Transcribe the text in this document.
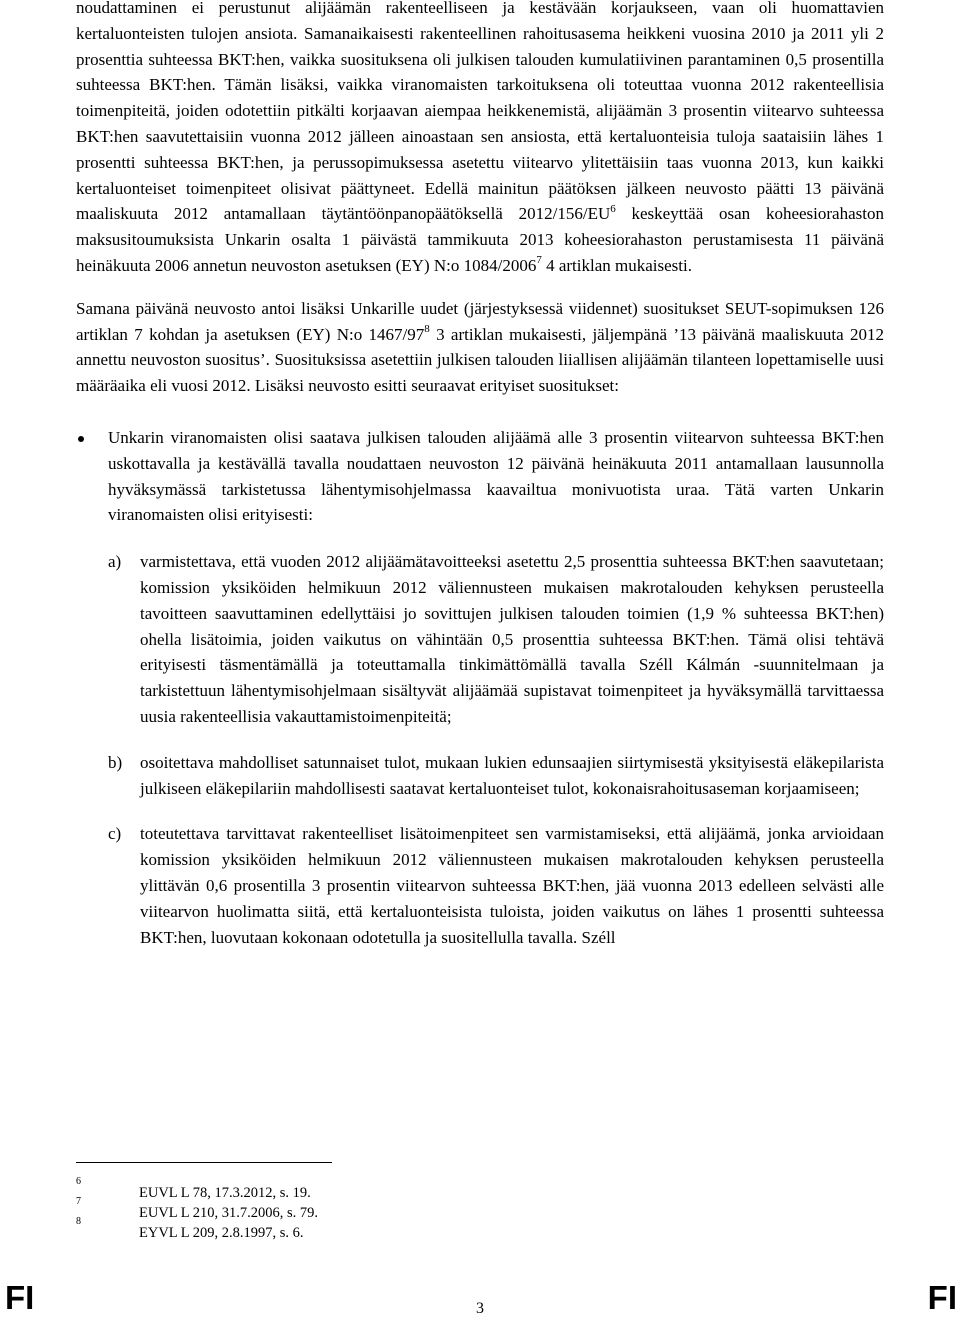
noudattaminen ei perustunut alijäämän rakenteelliseen ja kestävään korjaukseen, vaan oli huomattavien kertaluonteisten tulojen ansiota. Samanaikaisesti rakenteellinen rahoitusasema heikkeni vuosina 2010 ja 2011 yli 2 prosenttia suhteessa BKT:hen, vaikka suosituksena oli julkisen talouden kumulatiivinen parantaminen 0,5 prosentilla suhteessa BKT:hen. Tämän lisäksi, vaikka viranomaisten tarkoituksena oli toteuttaa vuonna 2012 rakenteellisia toimenpiteitä, joiden odotettiin pitkälti korjaavan aiempaa heikkenemistä, alijäämän 3 prosentin viitearvo suhteessa BKT:hen saavutettaisiin vuonna 2012 jälleen ainoastaan sen ansiosta, että kertaluonteisia tuloja saataisiin lähes 1 prosentti suhteessa BKT:hen, ja perussopimuksessa asetettu viitearvo ylitettäisiin taas vuonna 2013, kun kaikki kertaluonteiset toimenpiteet olisivat päättyneet. Edellä mainitun päätöksen jälkeen neuvosto päätti 13 päivänä maaliskuuta 2012 antamallaan täytäntöönpanopäätöksellä $2012/156/EU^6$ keskeyttää osan koheesiorahaston maksusitoumuksista Unkarin osalta 1 päivästä tammikuuta 2013 koheesiorahaston perustamisesta 11 päivänä heinäkuuta 2006 annetun neuvoston asetuksen (EY) N:o 1084/2006$^7$ 4 artiklan mukaisesti.

Samana päivänä neuvosto antoi lisäksi Unkarille uudet (järjestyksessä viidennet) suositukset SEUT-sopimuksen 126 artiklan 7 kohdan ja asetuksen (EY) N:o $1467/97^8$ 3 artiklan mukaisesti, jäljempänä ’13 päivänä maaliskuuta 2012 annettu neuvoston suositus’. Suosituksissa asetettiin julkisen talouden liiallisen alijäämän tilanteen lopettamiselle uusi määräaika eli vuosi 2012. Lisäksi neuvosto esitti seuraavat erityiset suositukset:

Unkarin viranomaisten olisi saatava julkisen talouden alijäämä alle 3 prosentin viitearvon suhteessa BKT:hen uskottavalla ja kestävällä tavalla noudattaen neuvoston 12 päivänä heinäkuuta 2011 antamallaan lausunnolla hyväksymässä tarkistetussa lähentymisohjelmassa kaavailtua monivuotista uraa. Tätä varten Unkarin viranomaisten olisi erityisesti:

a) varmistettava, että vuoden 2012 alijäämätavoitteeksi asetettu 2,5 prosenttia suhteessa BKT:hen saavutetaan; komission yksiköiden helmikuun 2012 väliennusteen mukaisen makrotalouden kehyksen perusteella tavoitteen saavuttaminen edellyttäisi jo sovittujen julkisen talouden toimien (1,9 % suhteessa BKT:hen) ohella lisätoimia, joiden vaikutus on vähintään 0,5 prosenttia suhteessa BKT:hen. Tämä olisi tehtävä erityisesti täsmentämällä ja toteuttamalla tinkimättömällä tavalla Széll Kálmán -suunnitelmaan ja tarkistettuun lähentymisohjelmaan sisältyvät alijäämää supistavat toimenpiteet ja hyväksymällä tarvittaessa uusia rakenteellisia vakauttamistoimenpiteitä;

b) osoitettava mahdolliset satunnaiset tulot, mukaan lukien edunsaajien siirtymisestä yksityisestä eläkepilarista julkiseen eläkepilariin mahdollisesti saatavat kertaluonteiset tulot, kokonaisrahoitusaseman korjaamiseen;

c) toteutettava tarvittavat rakenteelliset lisätoimenpiteet sen varmistamiseksi, että alijäämä, jonka arvioidaan komission yksiköiden helmikuun 2012 väliennusteen mukaisen makrotalouden kehyksen perusteella ylittävän 0,6 prosentilla 3 prosentin viitearvon suhteessa BKT:hen, jää vuonna 2013 edelleen selvästi alle viitearvon huolimatta siitä, että kertaluonteisista tuloista, joiden vaikutus on lähes 1 prosentti suhteessa BKT:hen, luovutaan kokonaan odotetulla ja suositellulla tavalla. Széll

6
EUVL L 78, 17.3.2012, s. 19.
7
EUVL L 210, 31.7.2006, s. 79.
8
EYVL L 209, 2.8.1997, s. 6.
FI	3	FI
